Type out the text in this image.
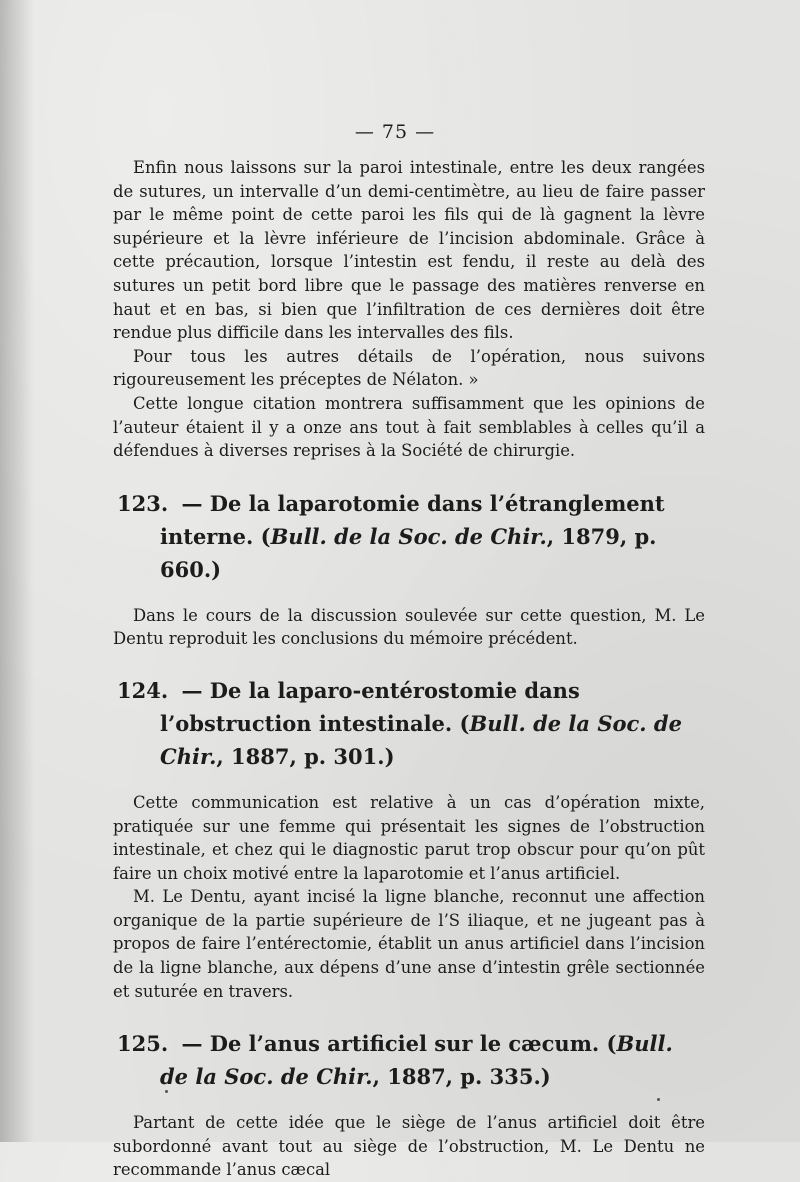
— 75 —

Enfin nous laissons sur la paroi intestinale, entre les deux rangées de sutures, un intervalle d’un demi-centimètre, au lieu de faire passer par le même point de cette paroi les fils qui de là gagnent la lèvre supérieure et la lèvre inférieure de l’incision abdominale. Grâce à cette précaution, lorsque l’intestin est fendu, il reste au delà des sutures un petit bord libre que le passage des matières renverse en haut et en bas, si bien que l’infiltration de ces dernières doit être rendue plus difficile dans les intervalles des fils.

Pour tous les autres détails de l’opération, nous suivons rigoureusement les préceptes de Nélaton. »

Cette longue citation montrera suffisamment que les opinions de l’auteur étaient il y a onze ans tout à fait semblables à celles qu’il a défendues à diverses reprises à la Société de chirurgie.

123. — De la laparotomie dans l’étranglement interne. (Bull. de la Soc. de Chir., 1879, p. 660.)

Dans le cours de la discussion soulevée sur cette question, M. Le Dentu reproduit les conclusions du mémoire précédent.

124. — De la laparo-entérostomie dans l’obstruction intestinale. (Bull. de la Soc. de Chir., 1887, p. 301.)

Cette communication est relative à un cas d’opération mixte, pratiquée sur une femme qui présentait les signes de l’obstruction intestinale, et chez qui le diagnostic parut trop obscur pour qu’on pût faire un choix motivé entre la laparotomie et l’anus artificiel.

M. Le Dentu, ayant incisé la ligne blanche, reconnut une affection organique de la partie supérieure de l’S iliaque, et ne jugeant pas à propos de faire l’entérectomie, établit un anus artificiel dans l’incision de la ligne blanche, aux dépens d’une anse d’intestin grêle sectionnée et suturée en travers.

125. — De l’anus artificiel sur le cæcum. (Bull. de la Soc. de Chir., 1887, p. 335.)

Partant de cette idée que le siège de l’anus artificiel doit être subordonné avant tout au siège de l’obstruction, M. Le Dentu ne recommande l’anus cæcal
